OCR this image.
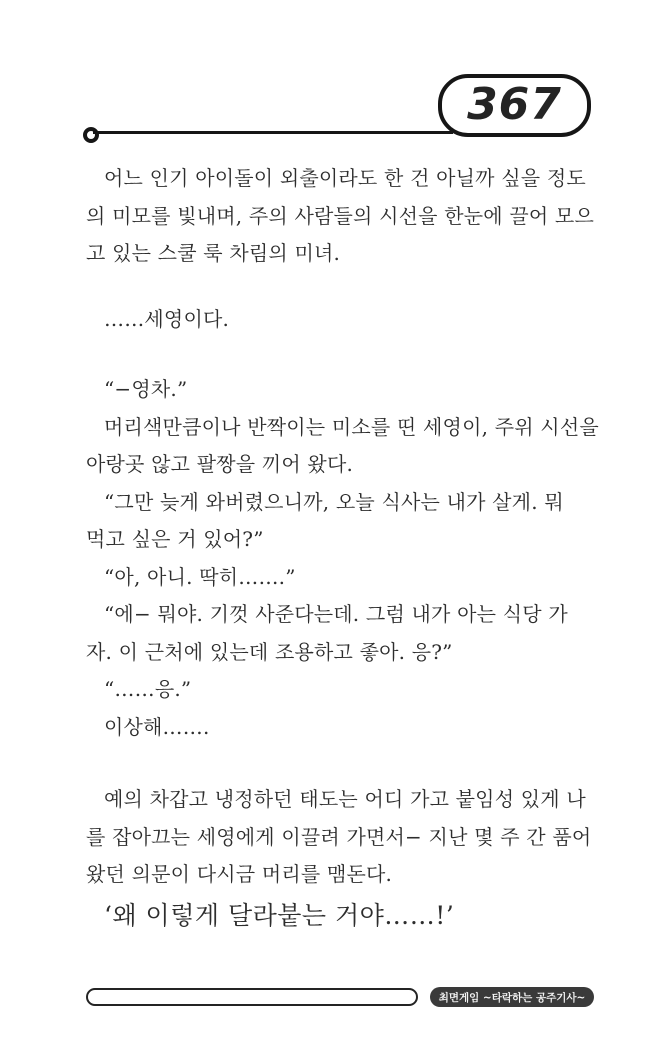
367

어느 인기 아이돌이 외출이라도 한 건 아닐까 싶을 정도

의 미모를 빛내며, 주의 사람들의 시선을 한눈에 끌어 모으

고 있는 스쿨 룩 차림의 미녀.

……세영이다.

“−영차.”

머리색만큼이나 반짝이는 미소를 띤 세영이, 주위 시선을

아랑곳 않고 팔짱을 끼어 왔다.

“그만 늦게 와버렸으니까, 오늘 식사는 내가 살게. 뭐

먹고 싶은 거 있어?”

“아, 아니. 딱히…….”

“에− 뭐야. 기껏 사준다는데. 그럼 내가 아는 식당 가

자. 이 근처에 있는데 조용하고 좋아. 응?”

“……응.”

이상해…….

예의 차갑고 냉정하던 태도는 어디 가고 붙임성 있게 나

를 잡아끄는 세영에게 이끌려 가면서− 지난 몇 주 간 품어

왔던 의문이 다시금 머리를 맴돈다.

‘왜 이렇게 달라붙는 거야……!’

최면게임 ~타락하는 공주기사~
